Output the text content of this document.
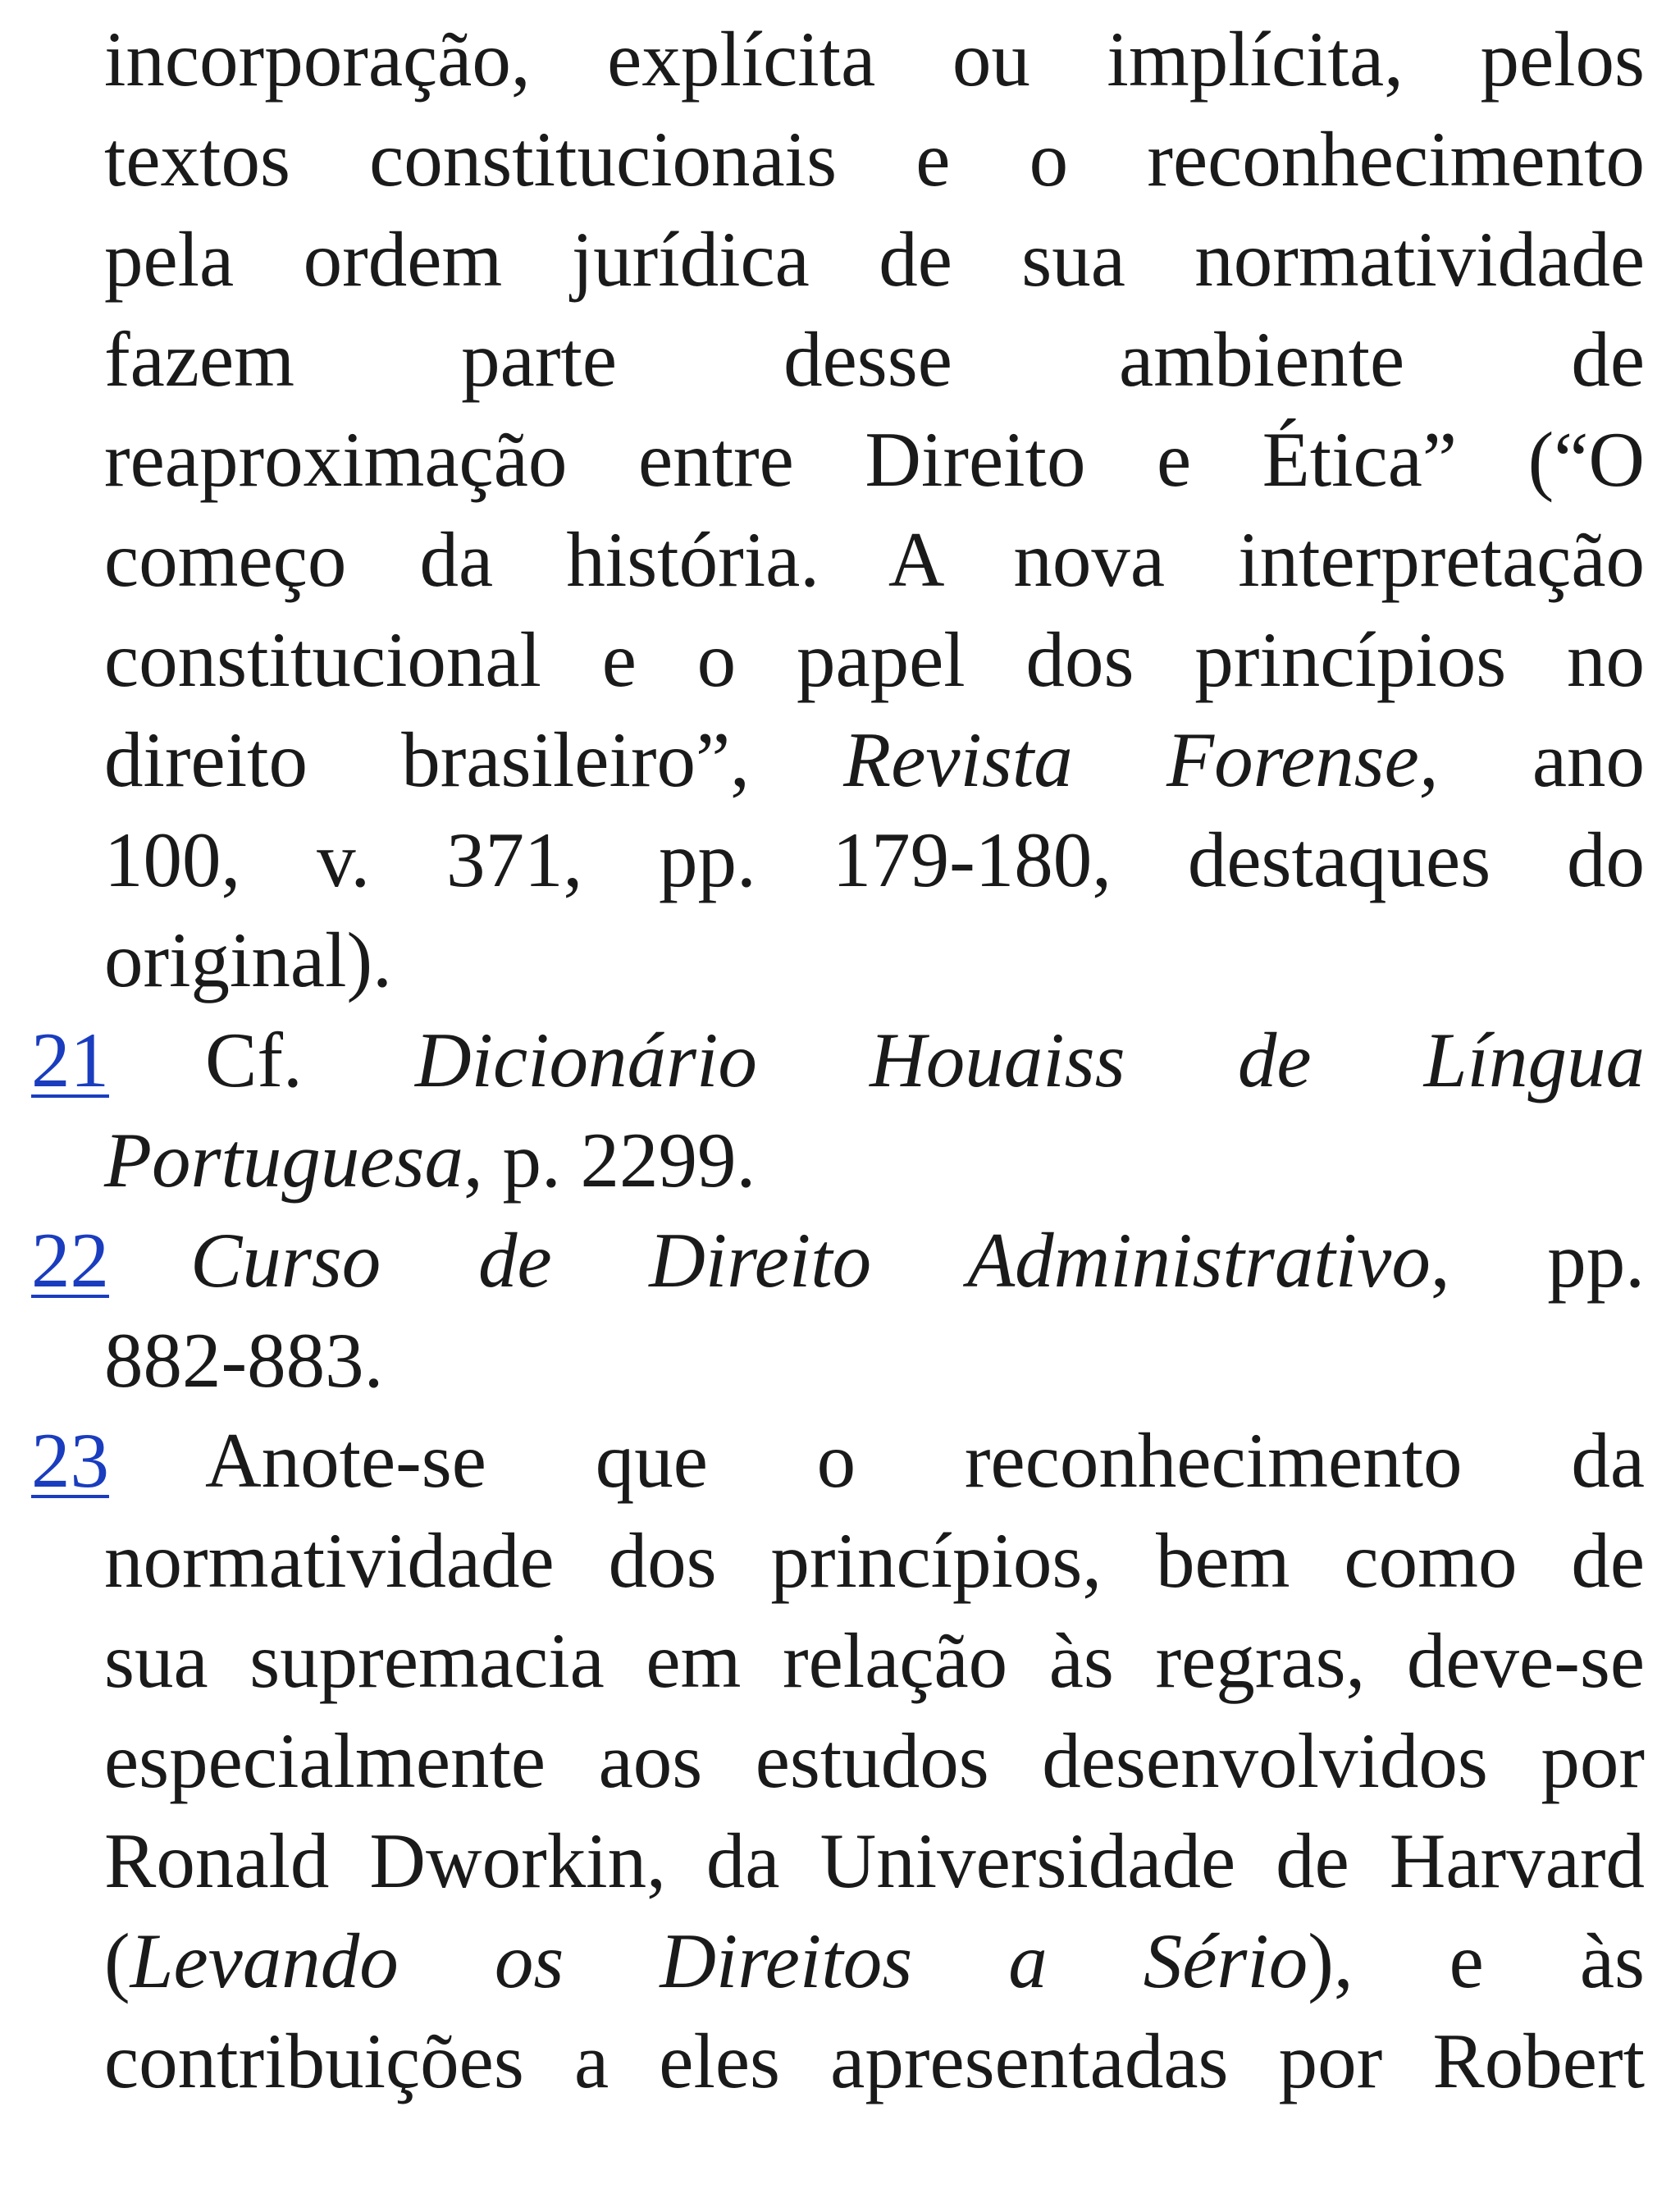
incorporação, explícita ou implícita, pelos
textos constitucionais e o reconhecimento
pela ordem jurídica de sua normatividade
fazem parte desse ambiente de
reaproximação entre Direito e Ética” (“O
começo da história. A nova interpretação
constitucional e o papel dos princípios no
direito brasileiro”, Revista Forense, ano
100, v. 371, pp. 179-180, destaques do
original).
21 Cf. Dicionário Houaiss de Língua
Portuguesa, p. 2299.
22 Curso de Direito Administrativo, pp.
882-883.
23 Anote-se que o reconhecimento da
normatividade dos princípios, bem como de
sua supremacia em relação às regras, deve-se
especialmente aos estudos desenvolvidos por
Ronald Dworkin, da Universidade de Harvard
(Levando os Direitos a Sério), e às
contribuições a eles apresentadas por Robert
